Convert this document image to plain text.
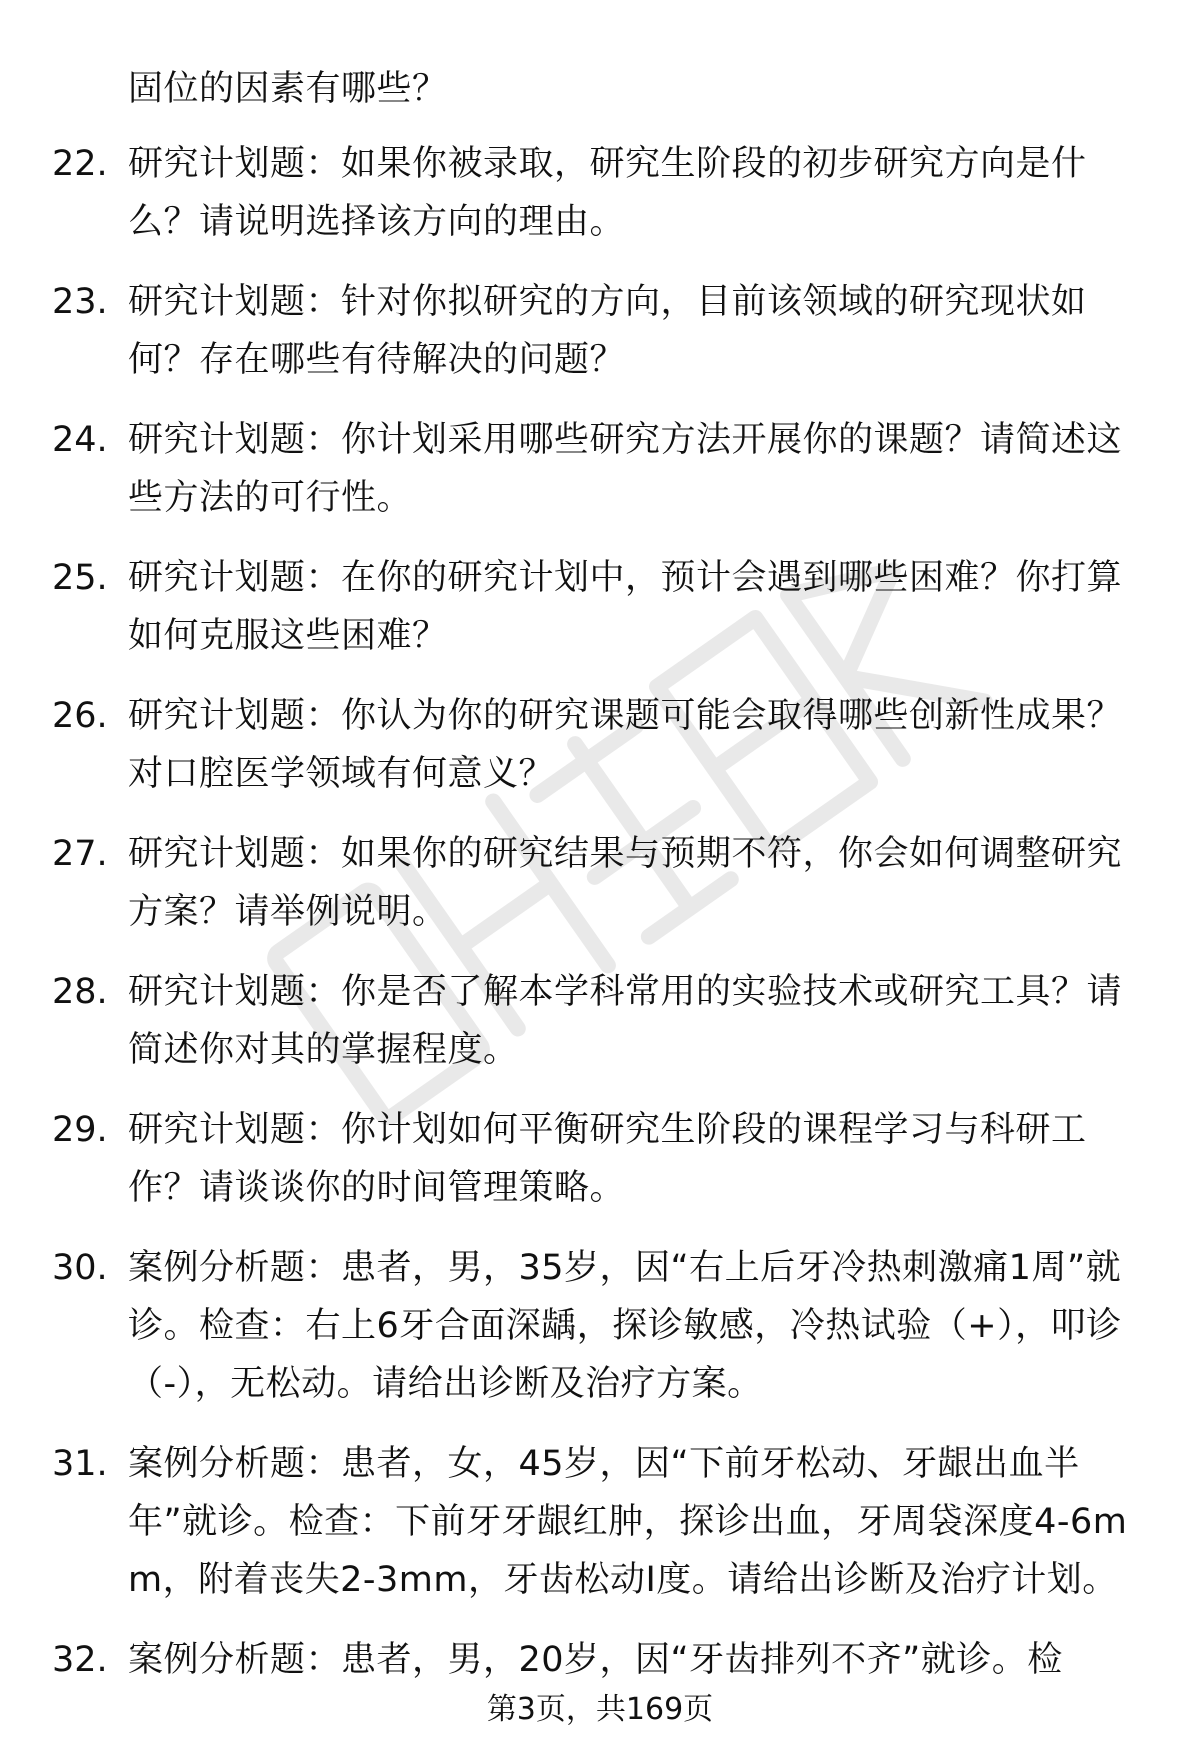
固位的因素有哪些？
22. 研究计划题：如果你被录取，研究生阶段的初步研究方向是什么？请说明选择该方向的理由。
23. 研究计划题：针对你拟研究的方向，目前该领域的研究现状如何？存在哪些有待解决的问题？
24. 研究计划题：你计划采用哪些研究方法开展你的课题？请简述这些方法的可行性。
25. 研究计划题：在你的研究计划中，预计会遇到哪些困难？你打算如何克服这些困难？
26. 研究计划题：你认为你的研究课题可能会取得哪些创新性成果？对口腔医学领域有何意义？
27. 研究计划题：如果你的研究结果与预期不符，你会如何调整研究方案？请举例说明。
28. 研究计划题：你是否了解本学科常用的实验技术或研究工具？请简述你对其的掌握程度。
29. 研究计划题：你计划如何平衡研究生阶段的课程学习与科研工作？请谈谈你的时间管理策略。
30. 案例分析题：患者，男，35岁，因“右上后牙冷热刺激痛1周”就诊。检查：右上6牙合面深龋，探诊敏感，冷热试验（+），叩诊（-），无松动。请给出诊断及治疗方案。
31. 案例分析题：患者，女，45岁，因“下前牙松动、牙龈出血半年”就诊。检查：下前牙牙龈红肿，探诊出血，牙周袋深度4-6mm，附着丧失2-3mm，牙齿松动Ⅰ度。请给出诊断及治疗计划。
32. 案例分析题：患者，男，20岁，因“牙齿排列不齐”就诊。检
第3页，共169页
